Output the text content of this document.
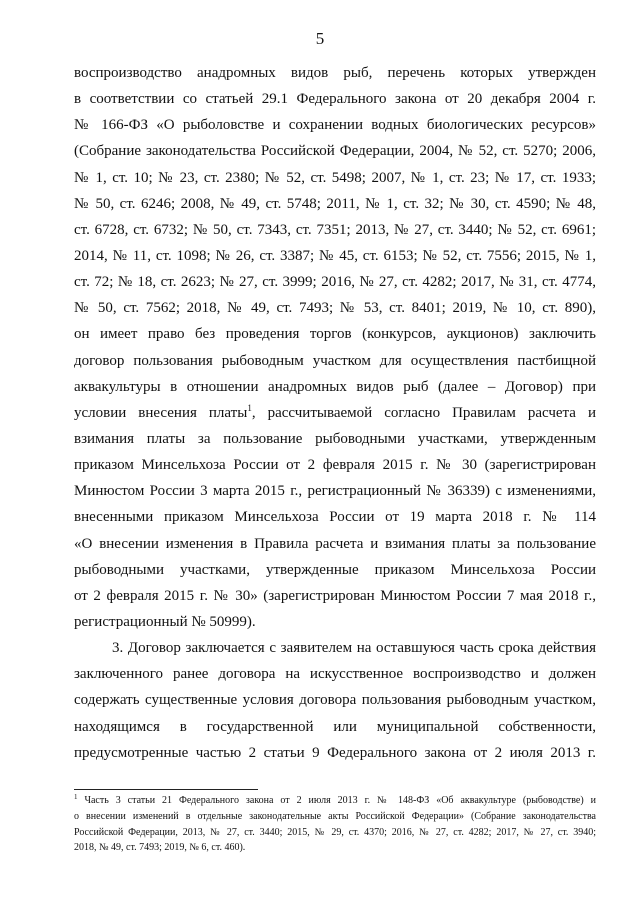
5
воспроизводство анадромных видов рыб, перечень которых утвержден
в соответствии со статьей 29.1 Федерального закона от 20 декабря 2004 г.
№ 166-ФЗ «О рыболовстве и сохранении водных биологических ресурсов»
(Собрание законодательства Российской Федерации, 2004, № 52, ст. 5270; 2006,
№ 1, ст. 10; № 23, ст. 2380; № 52, ст. 5498; 2007, № 1, ст. 23; № 17, ст. 1933;
№ 50, ст. 6246; 2008, № 49, ст. 5748; 2011, № 1, ст. 32; № 30, ст. 4590; № 48,
ст. 6728, ст. 6732; № 50, ст. 7343, ст. 7351; 2013, № 27, ст. 3440; № 52, ст. 6961;
2014, № 11, ст. 1098; № 26, ст. 3387; № 45, ст. 6153; № 52, ст. 7556; 2015, № 1,
ст. 72; № 18, ст. 2623; № 27, ст. 3999; 2016, № 27, ст. 4282; 2017, № 31, ст. 4774,
№ 50, ст. 7562; 2018, № 49, ст. 7493; № 53, ст. 8401; 2019, № 10, ст. 890),
он имеет право без проведения торгов (конкурсов, аукционов) заключить
договор пользования рыбоводным участком для осуществления пастбищной
аквакультуры в отношении анадромных видов рыб (далее – Договор) при
условии внесения платы$^1$, рассчитываемой согласно Правилам расчета и
взимания платы за пользование рыбоводными участками, утвержденным
приказом Минсельхоза России от 2 февраля 2015 г. № 30 (зарегистрирован
Минюстом России 3 марта 2015 г., регистрационный № 36339) с изменениями,
внесенными приказом Минсельхоза России от 19 марта 2018 г. № 114
«О внесении изменения в Правила расчета и взимания платы за пользование
рыбоводными участками, утвержденные приказом Минсельхоза России
от 2 февраля 2015 г. № 30» (зарегистрирован Минюстом России 7 мая 2018 г.,
регистрационный № 50999).
3. Договор заключается с заявителем на оставшуюся часть срока действия
заключенного ранее договора на искусственное воспроизводство и должен
содержать существенные условия договора пользования рыбоводным участком,
находящимся в государственной или муниципальной собственности,
предусмотренные частью 2 статьи 9 Федерального закона от 2 июля 2013 г.
$^1$ Часть 3 статьи 21 Федерального закона от 2 июля 2013 г. № 148-ФЗ «Об аквакультуре (рыбоводстве) и
о внесении изменений в отдельные законодательные акты Российской Федерации» (Собрание законодательства
Российской Федерации, 2013, № 27, ст. 3440; 2015, № 29, ст. 4370; 2016, № 27, ст. 4282; 2017, № 27, ст. 3940;
2018, № 49, ст. 7493; 2019, № 6, ст. 460).
